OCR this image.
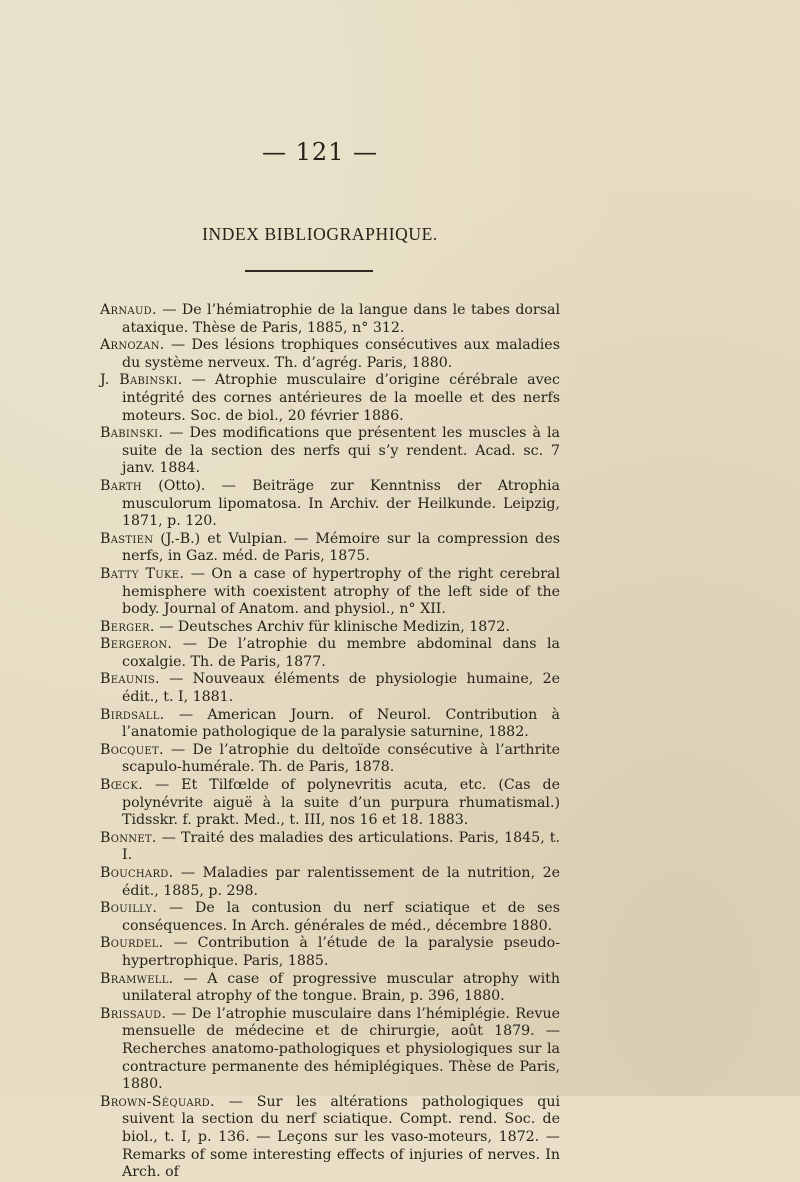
— 121 —
INDEX BIBLIOGRAPHIQUE.
Arnaud. — De l’hémiatrophie de la langue dans le tabes dorsal ataxique. Thèse de Paris, 1885, n° 312.
Arnozan. — Des lésions trophiques consécutives aux maladies du système nerveux. Th. d’agrég. Paris, 1880.
J. Babinski. — Atrophie musculaire d’origine cérébrale avec intégrité des cornes antérieures de la moelle et des nerfs moteurs. Soc. de biol., 20 février 1886.
Babinski. — Des modifications que présentent les muscles à la suite de la section des nerfs qui s’y rendent. Acad. sc. 7 janv. 1884.
Barth (Otto). — Beiträge zur Kenntniss der Atrophia musculorum lipomatosa. In Archiv. der Heilkunde. Leipzig, 1871, p. 120.
Bastien (J.-B.) et Vulpian. — Mémoire sur la compression des nerfs, in Gaz. méd. de Paris, 1875.
Batty Tuke. — On a case of hypertrophy of the right cerebral hemisphere with coexistent atrophy of the left side of the body. Journal of Anatom. and physiol., n° XII.
Berger. — Deutsches Archiv für klinische Medizin, 1872.
Bergeron. — De l’atrophie du membre abdominal dans la coxalgie. Th. de Paris, 1877.
Beaunis. — Nouveaux éléments de physiologie humaine, 2e édit., t. I, 1881.
Birdsall. — American Journ. of Neurol. Contribution à l’anatomie pathologique de la paralysie saturnine, 1882.
Bocquet. — De l’atrophie du deltoïde consécutive à l’arthrite scapulo-humérale. Th. de Paris, 1878.
Bœck. — Et Tilfœlde of polynevritis acuta, etc. (Cas de polynévrite aiguë à la suite d’un purpura rhumatismal.) Tidsskr. f. prakt. Med., t. III, nos 16 et 18. 1883.
Bonnet. — Traité des maladies des articulations. Paris, 1845, t. I.
Bouchard. — Maladies par ralentissement de la nutrition, 2e édit., 1885, p. 298.
Bouilly. — De la contusion du nerf sciatique et de ses conséquences. In Arch. générales de méd., décembre 1880.
Bourdel. — Contribution à l’étude de la paralysie pseudo-hypertrophique. Paris, 1885.
Bramwell. — A case of progressive muscular atrophy with unilateral atrophy of the tongue. Brain, p. 396, 1880.
Brissaud. — De l’atrophie musculaire dans l’hémiplégie. Revue mensuelle de médecine et de chirurgie, août 1879. — Recherches anatomo-pathologiques et physiologiques sur la contracture permanente des hémiplégiques. Thèse de Paris, 1880.
Brown-Séquard. — Sur les altérations pathologiques qui suivent la section du nerf sciatique. Compt. rend. Soc. de biol., t. I, p. 136. — Leçons sur les vaso-moteurs, 1872. — Remarks of some interesting effects of injuries of nerves. In Arch. of
